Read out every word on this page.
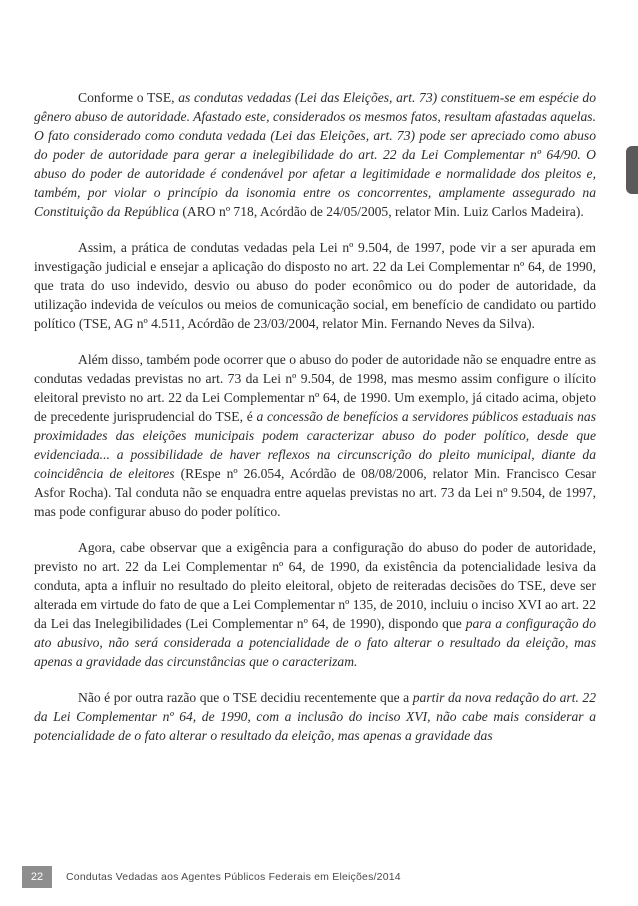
Conforme o TSE, as condutas vedadas (Lei das Eleições, art. 73) constituem-se em espécie do gênero abuso de autoridade. Afastado este, considerados os mesmos fatos, resultam afastadas aquelas. O fato considerado como conduta vedada (Lei das Eleições, art. 73) pode ser apreciado como abuso do poder de autoridade para gerar a inelegibilidade do art. 22 da Lei Complementar nº 64/90. O abuso do poder de autoridade é condenável por afetar a legitimidade e normalidade dos pleitos e, também, por violar o princípio da isonomia entre os concorrentes, amplamente assegurado na Constituição da República (ARO nº 718, Acórdão de 24/05/2005, relator Min. Luiz Carlos Madeira).

Assim, a prática de condutas vedadas pela Lei nº 9.504, de 1997, pode vir a ser apurada em investigação judicial e ensejar a aplicação do disposto no art. 22 da Lei Complementar nº 64, de 1990, que trata do uso indevido, desvio ou abuso do poder econômico ou do poder de autoridade, da utilização indevida de veículos ou meios de comunicação social, em benefício de candidato ou partido político (TSE, AG nº 4.511, Acórdão de 23/03/2004, relator Min. Fernando Neves da Silva).

Além disso, também pode ocorrer que o abuso do poder de autoridade não se enquadre entre as condutas vedadas previstas no art. 73 da Lei nº 9.504, de 1998, mas mesmo assim configure o ilícito eleitoral previsto no art. 22 da Lei Complementar nº 64, de 1990. Um exemplo, já citado acima, objeto de precedente jurisprudencial do TSE, é a concessão de benefícios a servidores públicos estaduais nas proximidades das eleições municipais podem caracterizar abuso do poder político, desde que evidenciada... a possibilidade de haver reflexos na circunscrição do pleito municipal, diante da coincidência de eleitores (REspe nº 26.054, Acórdão de 08/08/2006, relator Min. Francisco Cesar Asfor Rocha). Tal conduta não se enquadra entre aquelas previstas no art. 73 da Lei nº 9.504, de 1997, mas pode configurar abuso do poder político.

Agora, cabe observar que a exigência para a configuração do abuso do poder de autoridade, previsto no art. 22 da Lei Complementar nº 64, de 1990, da existência da potencialidade lesiva da conduta, apta a influir no resultado do pleito eleitoral, objeto de reiteradas decisões do TSE, deve ser alterada em virtude do fato de que a Lei Complementar nº 135, de 2010, incluiu o inciso XVI ao art. 22 da Lei das Inelegibilidades (Lei Complementar nº 64, de 1990), dispondo que para a configuração do ato abusivo, não será considerada a potencialidade de o fato alterar o resultado da eleição, mas apenas a gravidade das circunstâncias que o caracterizam.

Não é por outra razão que o TSE decidiu recentemente que a partir da nova redação do art. 22 da Lei Complementar nº 64, de 1990, com a inclusão do inciso XVI, não cabe mais considerar a potencialidade de o fato alterar o resultado da eleição, mas apenas a gravidade das

22	Condutas Vedadas aos Agentes Públicos Federais em Eleições/2014
